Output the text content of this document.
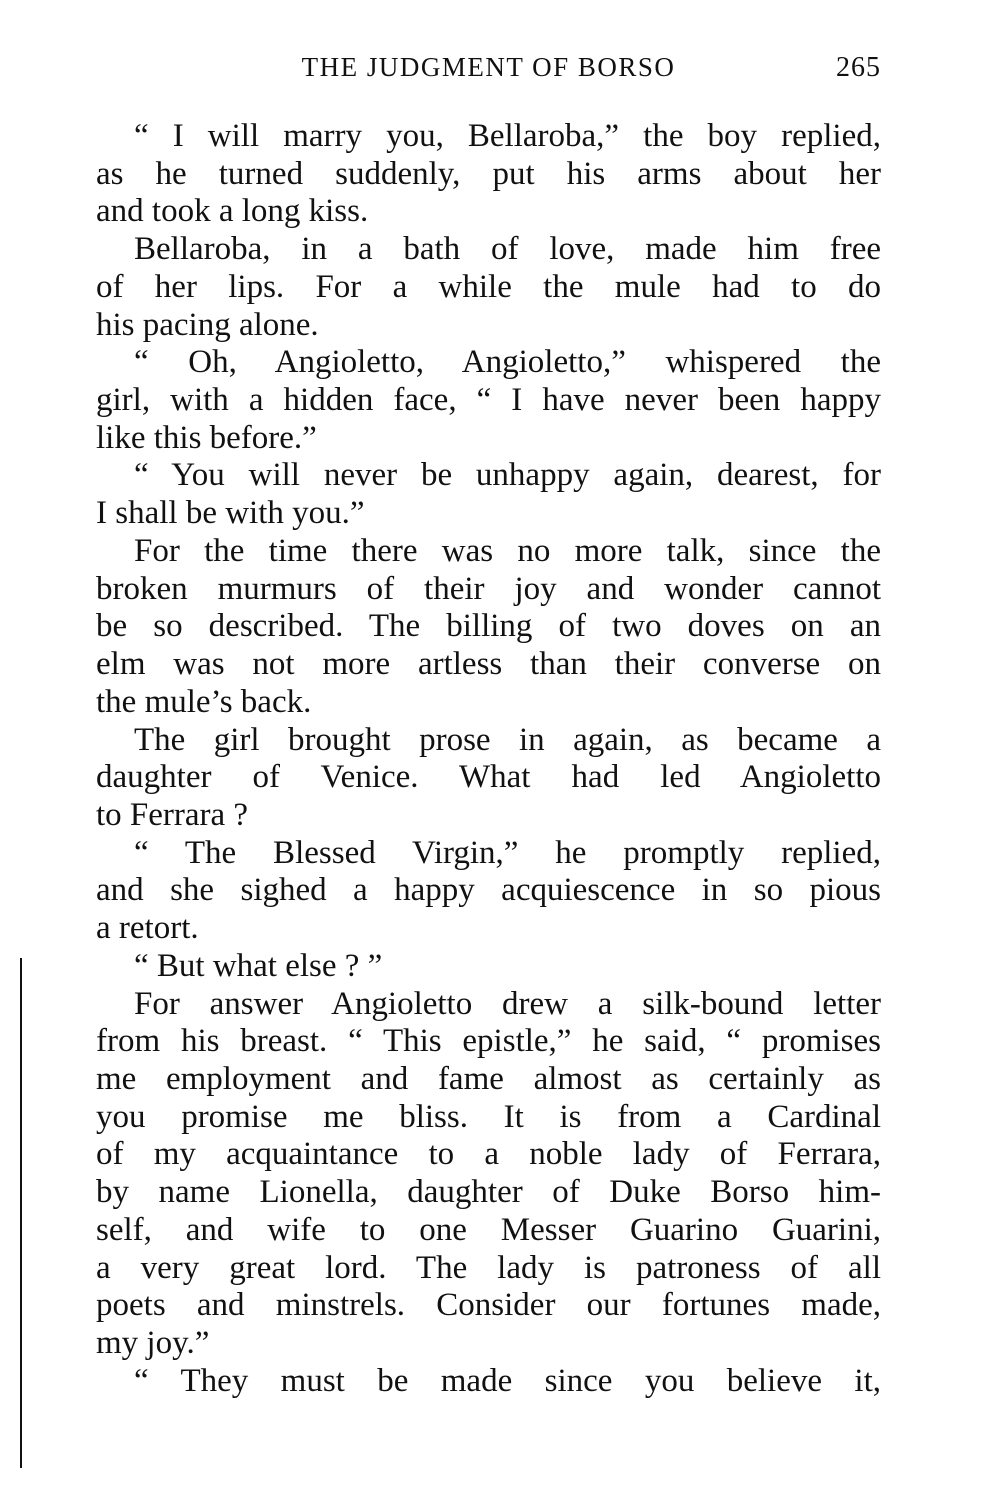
THE JUDGMENT OF BORSO	265
“ I will marry you, Bellaroba,” the boy replied,
as he turned suddenly, put his arms about her
and took a long kiss.
Bellaroba, in a bath of love, made him free
of her lips. For a while the mule had to do
his pacing alone.
“ Oh, Angioletto, Angioletto,” whispered the
girl, with a hidden face, “ I have never been happy
like this before.”
“ You will never be unhappy again, dearest, for
I shall be with you.”
For the time there was no more talk, since the
broken murmurs of their joy and wonder cannot
be so described. The billing of two doves on an
elm was not more artless than their converse on
the mule’s back.
The girl brought prose in again, as became a
daughter of Venice. What had led Angioletto
to Ferrara ?
“ The Blessed Virgin,” he promptly replied,
and she sighed a happy acquiescence in so pious
a retort.
“ But what else ? ”
For answer Angioletto drew a silk-bound letter
from his breast. “ This epistle,” he said, “ promises
me employment and fame almost as certainly as
you promise me bliss. It is from a Cardinal
of my acquaintance to a noble lady of Ferrara,
by name Lionella, daughter of Duke Borso him-
self, and wife to one Messer Guarino Guarini,
a very great lord. The lady is patroness of all
poets and minstrels. Consider our fortunes made,
my joy.”
“ They must be made since you believe it,
